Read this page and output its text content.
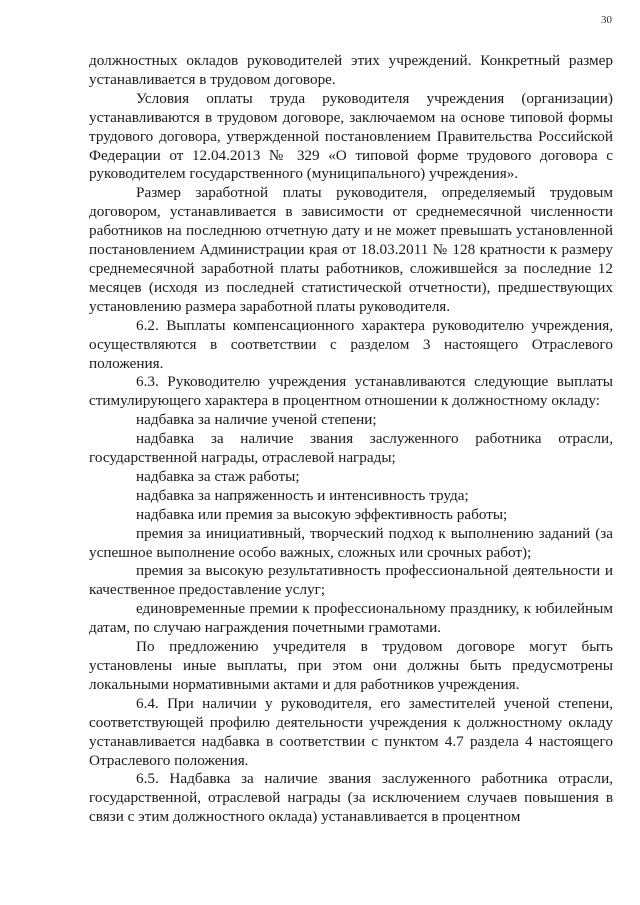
30

должностных окладов руководителей этих учреждений. Конкретный размер устанавливается в трудовом договоре.

Условия оплаты труда руководителя учреждения (организации) устанавливаются в трудовом договоре, заключаемом на основе типовой формы трудового договора, утвержденной постановлением Правительства Российской Федерации от 12.04.2013 № 329 «О типовой форме трудового договора с руководителем государственного (муниципального) учреждения».

Размер заработной платы руководителя, определяемый трудовым договором, устанавливается в зависимости от среднемесячной численности работников на последнюю отчетную дату и не может превышать установленной постановлением Администрации края от 18.03.2011 № 128 кратности к размеру среднемесячной заработной платы работников, сложившейся за последние 12 месяцев (исходя из последней статистической отчетности), предшествующих установлению размера заработной платы руководителя.

6.2. Выплаты компенсационного характера руководителю учреждения, осуществляются в соответствии с разделом 3 настоящего Отраслевого положения.

6.3. Руководителю учреждения устанавливаются следующие выплаты стимулирующего характера в процентном отношении к должностному окладу:

надбавка за наличие ученой степени;

надбавка за наличие звания заслуженного работника отрасли, государственной награды, отраслевой награды;

надбавка за стаж работы;

надбавка за напряженность и интенсивность труда;

надбавка или премия за высокую эффективность работы;

премия за инициативный, творческий подход к выполнению заданий (за успешное выполнение особо важных, сложных или срочных работ);

премия за высокую результативность профессиональной деятельности и качественное предоставление услуг;

единовременные премии к профессиональному празднику, к юбилейным датам, по случаю награждения почетными грамотами.

По предложению учредителя в трудовом договоре могут быть установлены иные выплаты, при этом они должны быть предусмотрены локальными нормативными актами и для работников учреждения.

6.4. При наличии у руководителя, его заместителей ученой степени, соответствующей профилю деятельности учреждения к должностному окладу устанавливается надбавка в соответствии с пунктом 4.7 раздела 4 настоящего Отраслевого положения.

6.5. Надбавка за наличие звания заслуженного работника отрасли, государственной, отраслевой награды (за исключением случаев повышения в связи с этим должностного оклада) устанавливается в процентном
